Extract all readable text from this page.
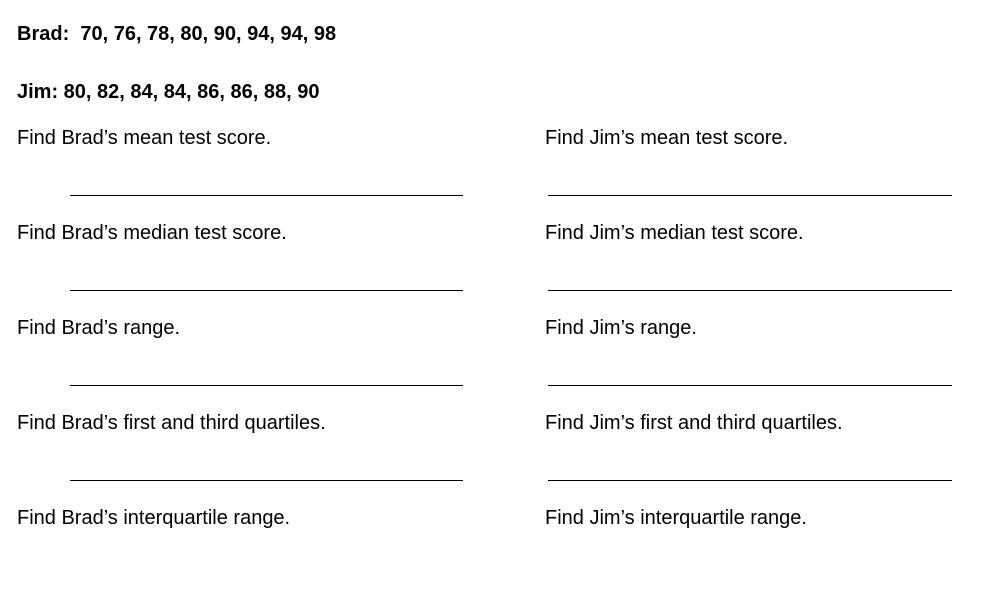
Brad:  70, 76, 78, 80, 90, 94, 94, 98
Jim: 80, 82, 84, 84, 86, 86, 88, 90
Find Brad’s mean test score.
Find Brad’s median test score.
Find Brad’s range.
Find Brad’s first and third quartiles.
Find Brad’s interquartile range.
Find Jim’s mean test score.
Find Jim’s median test score.
Find Jim’s range.
Find Jim’s first and third quartiles.
Find Jim’s interquartile range.
